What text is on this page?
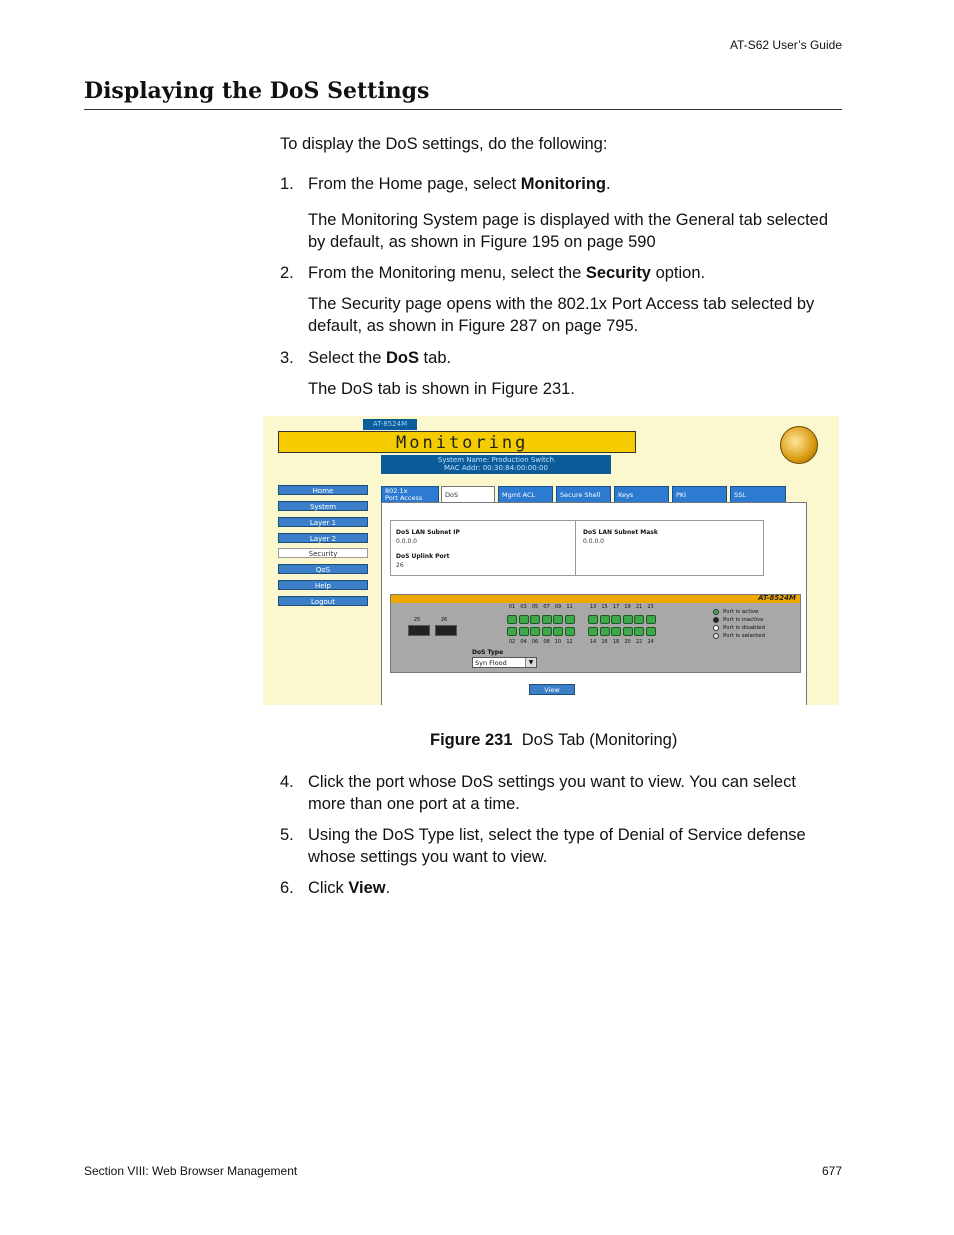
AT-S62 User’s Guide
Displaying the DoS Settings
To display the DoS settings, do the following:
1. From the Home page, select Monitoring.
The Monitoring System page is displayed with the General tab selected by default, as shown in Figure 195 on page 590
2. From the Monitoring menu, select the Security option.
The Security page opens with the 802.1x Port Access tab selected by default, as shown in Figure 287 on page 795.
3. Select the DoS tab.
The DoS tab is shown in Figure 231.
AT-8524M
Monitoring
System Name: Production Switch
MAC Addr: 00:30:84:00:00:00
Home
System
Layer 1
Layer 2
Security
QoS
Help
Logout
802.1x
Port Access	DoS	Mgmt ACL	Secure Shell	Keys	PKI	SSL
DoS LAN Subnet IP
0.0.0.0
DoS Uplink Port
26
DoS LAN Subnet Mask
0.0.0.0
AT-8524M
25	26
Port is active
Port is inactive
Port is disabled
Port is selected
01
02
03
04
05
06
07
08
09
10
11
12
13
14
15
16
17
18
19
20
21
22
23
24
DoS Type
Syn Flood	▼
View
Figure 231 DoS Tab (Monitoring)
4. Click the port whose DoS settings you want to view. You can select more than one port at a time.
5. Using the DoS Type list, select the type of Denial of Service defense whose settings you want to view.
6. Click View.
Section VIII: Web Browser Management	677
